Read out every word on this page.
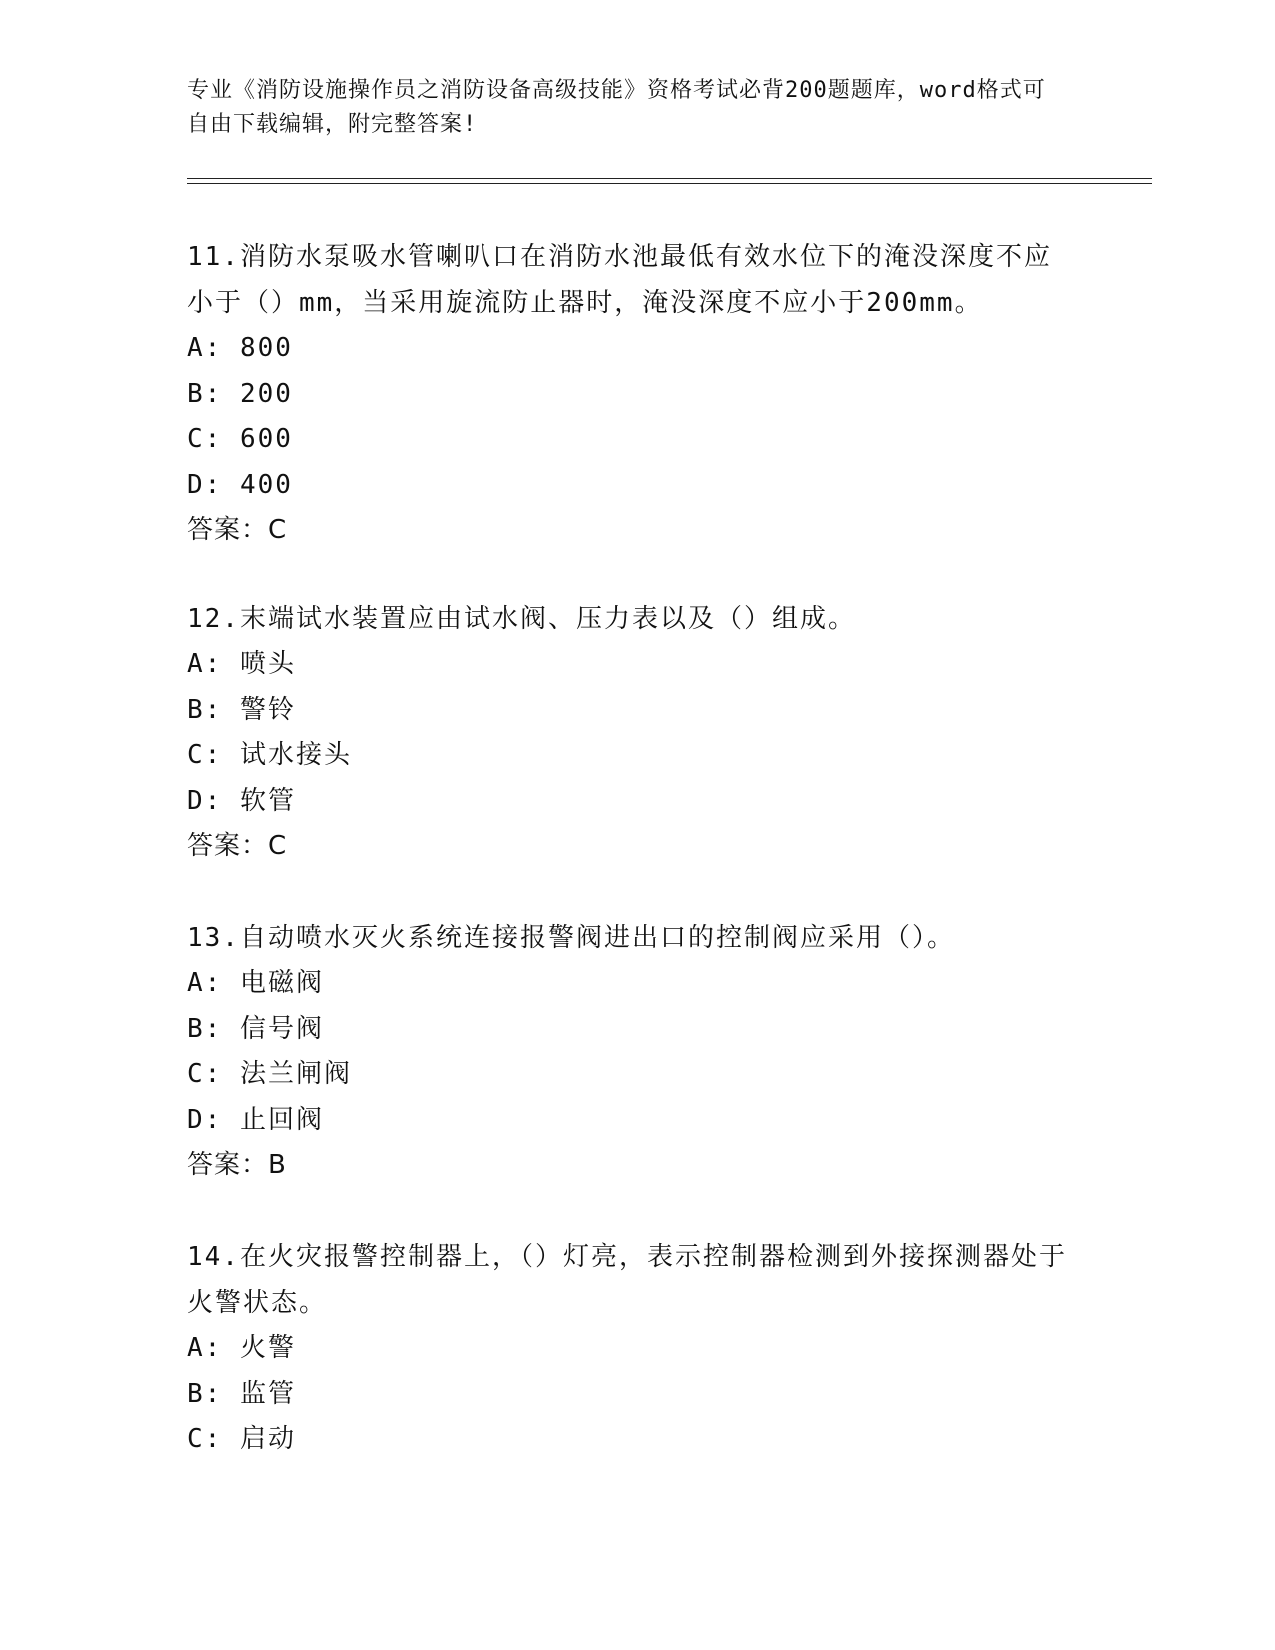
专业《消防设施操作员之消防设备高级技能》资格考试必背200题题库，word格式可自由下载编辑，附完整答案!

11.消防水泵吸水管喇叭口在消防水池最低有效水位下的淹没深度不应小于（）mm，当采用旋流防止器时，淹没深度不应小于200mm。

A: 800

B: 200

C: 600

D: 400

答案：C

12.末端试水装置应由试水阀、压力表以及（）组成。

A: 喷头

B: 警铃

C: 试水接头

D: 软管

答案：C

13.自动喷水灭火系统连接报警阀进出口的控制阀应采用（）。

A: 电磁阀

B: 信号阀

C: 法兰闸阀

D: 止回阀

答案：B

14.在火灾报警控制器上，（）灯亮，表示控制器检测到外接探测器处于火警状态。

A: 火警

B: 监管

C: 启动
